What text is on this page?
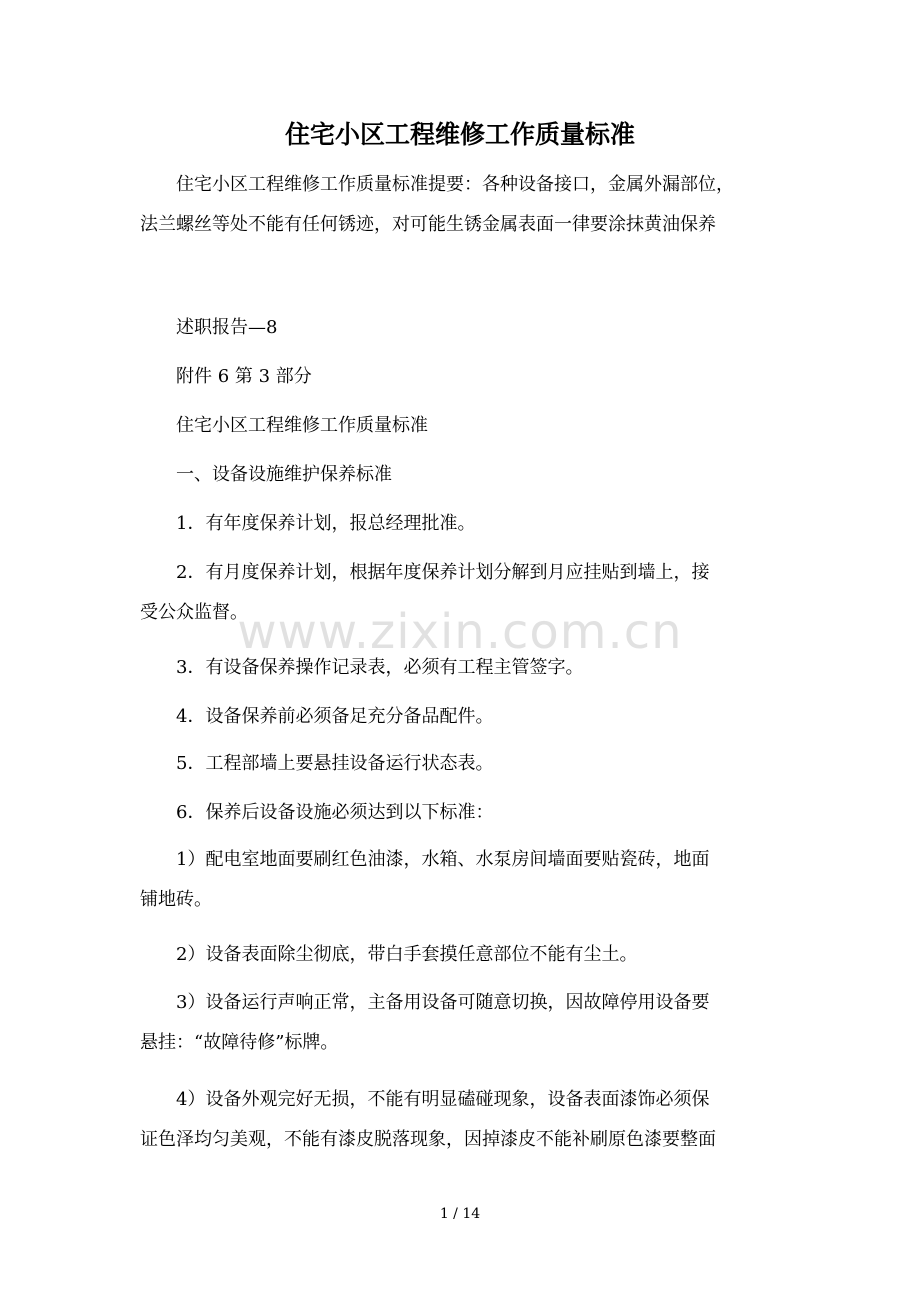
住宅小区工程维修工作质量标准
住宅小区工程维修工作质量标准提要：各种设备接口，金属外漏部位，
法兰螺丝等处不能有任何锈迹，对可能生锈金属表面一律要涂抹黄油保养
述职报告—8
附件 6 第 3 部分
住宅小区工程维修工作质量标准
一、设备设施维护保养标准
1．有年度保养计划，报总经理批准。
2．有月度保养计划，根据年度保养计划分解到月应挂贴到墙上，接
受公众监督。
3．有设备保养操作记录表，必须有工程主管签字。
4．设备保养前必须备足充分备品配件。
5．工程部墙上要悬挂设备运行状态表。
6．保养后设备设施必须达到以下标准：
1）配电室地面要刷红色油漆，水箱、水泵房间墙面要贴瓷砖，地面
铺地砖。
2）设备表面除尘彻底，带白手套摸任意部位不能有尘土。
3）设备运行声响正常，主备用设备可随意切换，因故障停用设备要
悬挂：“故障待修”标牌。
4）设备外观完好无损，不能有明显磕碰现象，设备表面漆饰必须保
证色泽均匀美观，不能有漆皮脱落现象，因掉漆皮不能补刷原色漆要整面
www.zixin.com.cn
1 / 14
